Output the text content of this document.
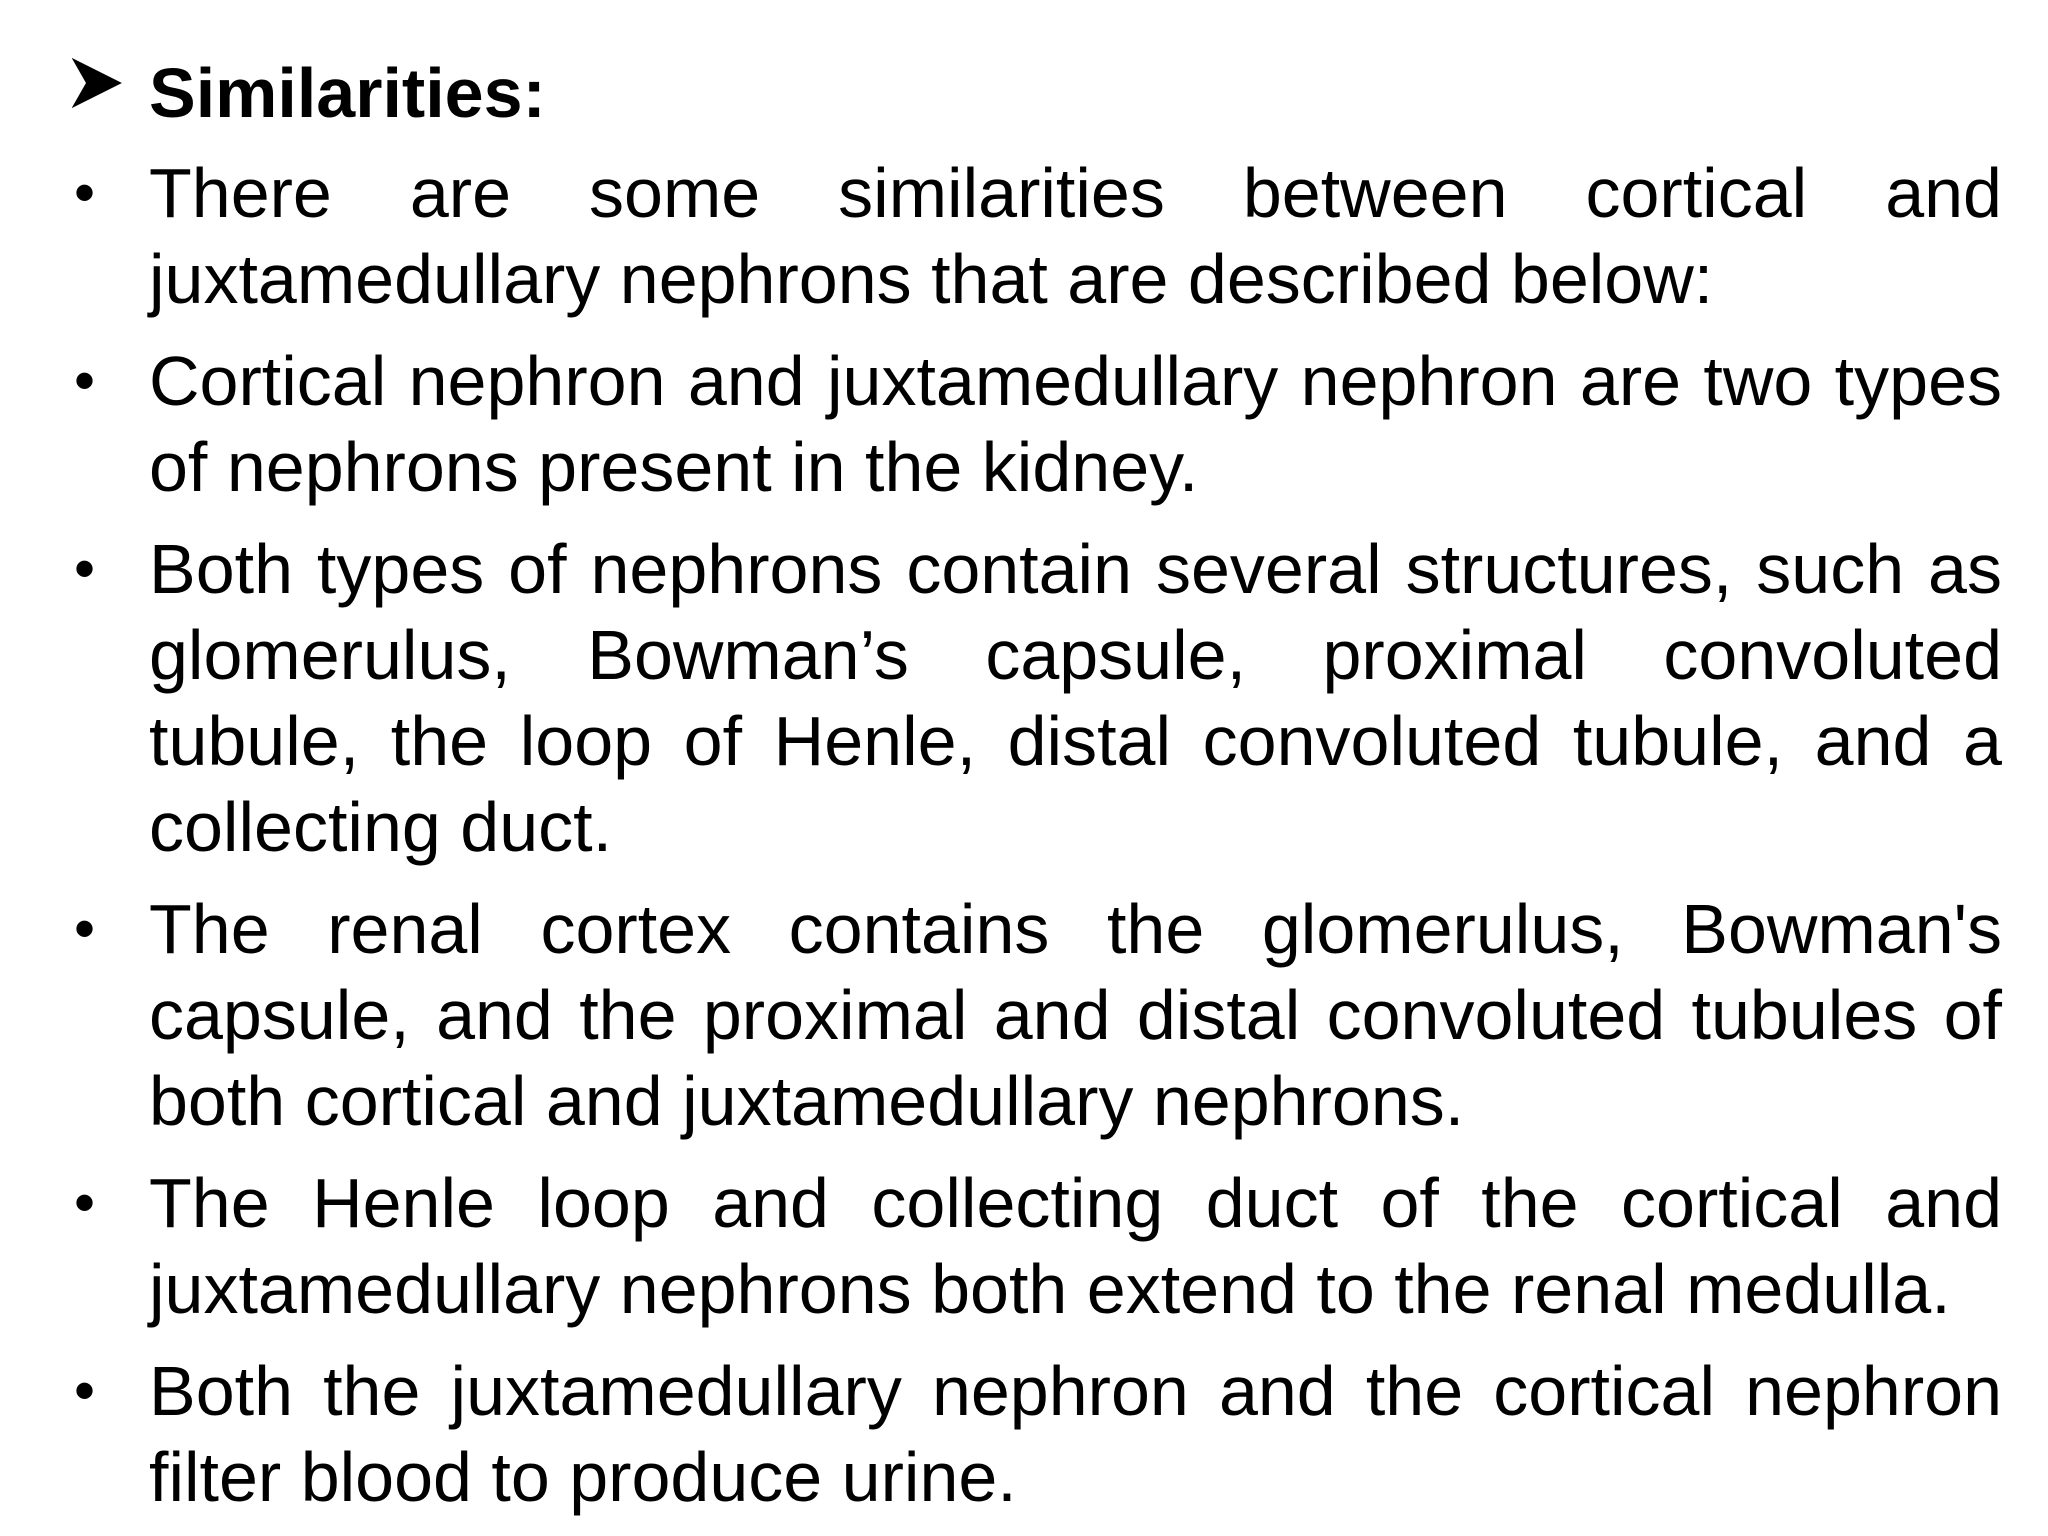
Similarities:
• There are some similarities between cortical and juxtamedullary nephrons that are described below:
• Cortical nephron and juxtamedullary nephron are two types of nephrons present in the kidney.
• Both types of nephrons contain several structures, such as glomerulus, Bowman’s capsule, proximal convoluted tubule, the loop of Henle, distal convoluted tubule, and a collecting duct.
• The renal cortex contains the glomerulus, Bowman's capsule, and the proximal and distal convoluted tubules of both cortical and juxtamedullary nephrons.
• The Henle loop and collecting duct of the cortical and juxtamedullary nephrons both extend to the renal medulla.
• Both the juxtamedullary nephron and the cortical nephron filter blood to produce urine.
